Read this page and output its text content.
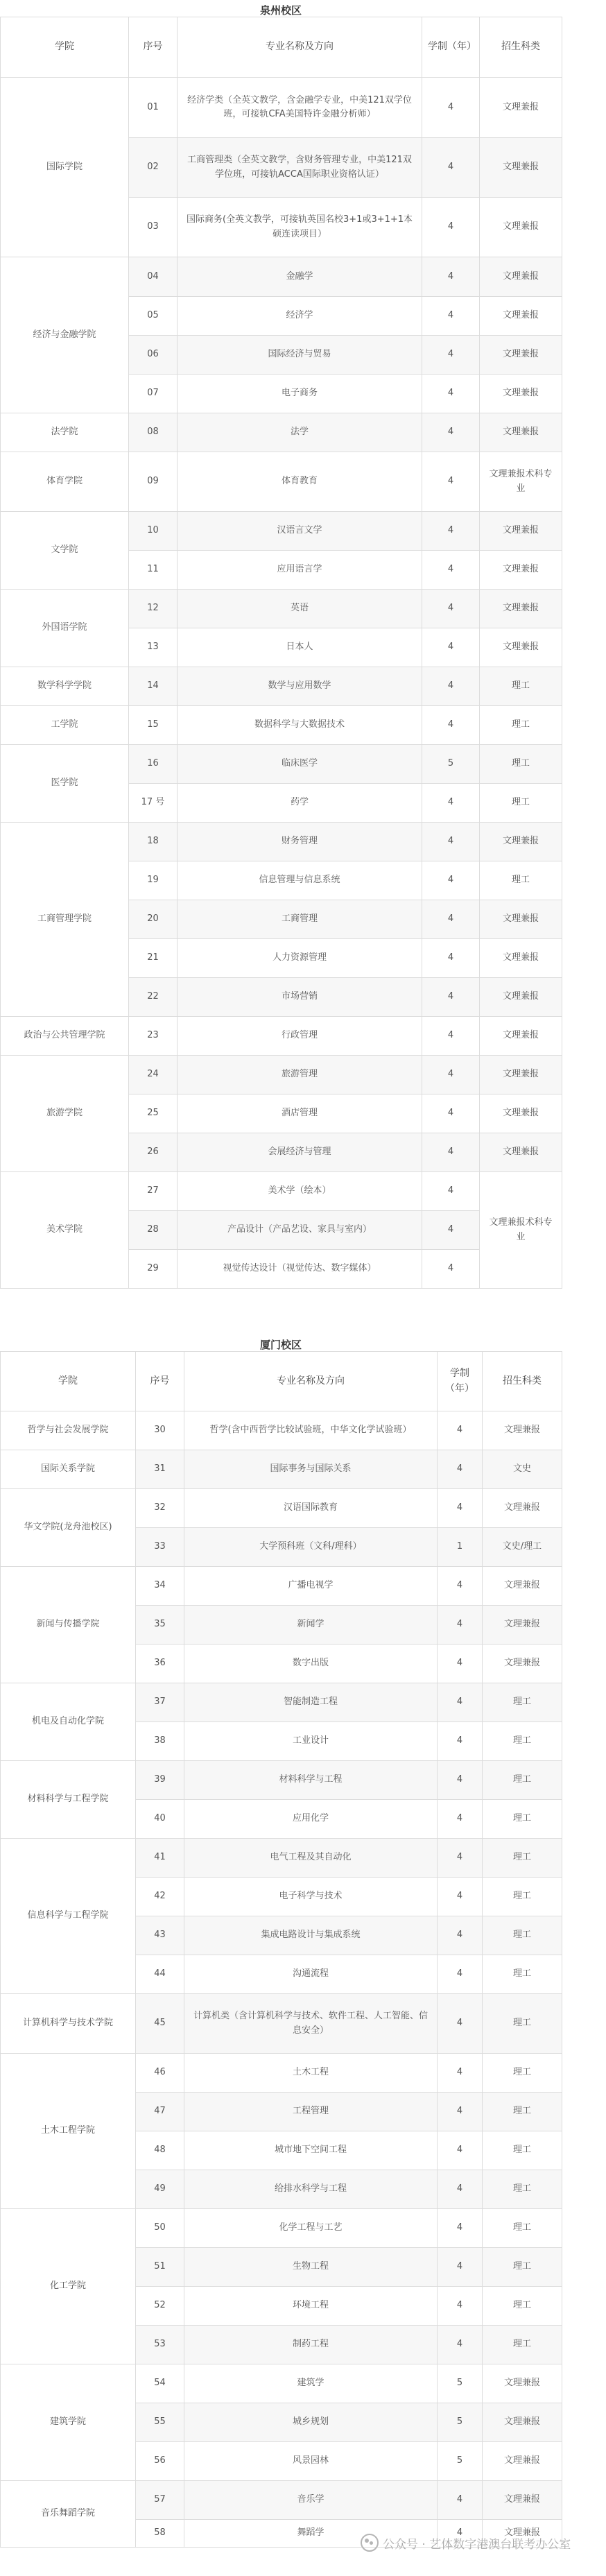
泉州校区
学院	序号	专业名称及方向	学制（年）	招生科类
国际学院	01	经济学类（全英文教学，含金融学专业，中美121双学位班，可接轨CFA美国特许金融分析师）	4	文理兼报
	02	工商管理类（全英文教学，含财务管理专业，中美121双学位班，可接轨ACCA国际职业资格认证）	4	文理兼报
	03	国际商务(全英文教学，可接轨英国名校3+1或3+1+1本硕连读项目）	4	文理兼报
经济与金融学院	04	金融学	4	文理兼报
	05	经济学	4	文理兼报
	06	国际经济与贸易	4	文理兼报
	07	电子商务	4	文理兼报
法学院	08	法学	4	文理兼报
体育学院	09	体育教育	4	文理兼报术科专业
文学院	10	汉语言文学	4	文理兼报
	11	应用语言学	4	文理兼报
外国语学院	12	英语	4	文理兼报
	13	日本人	4	文理兼报
数学科学学院	14	数学与应用数学	4	理工
工学院	15	数据科学与大数据技术	4	理工
医学院	16	临床医学	5	理工
	17 号	药学	4	理工
工商管理学院	18	财务管理	4	文理兼报
	19	信息管理与信息系统	4	理工
	20	工商管理	4	文理兼报
	21	人力资源管理	4	文理兼报
	22	市场营销	4	文理兼报
政治与公共管理学院	23	行政管理	4	文理兼报
旅游学院	24	旅游管理	4	文理兼报
	25	酒店管理	4	文理兼报
	26	会展经济与管理	4	文理兼报
美术学院	27	美术学（绘本）	4	文理兼报术科专业
	28	产品设计（产品艺设、家具与室内）	4	
	29	视觉传达设计（视觉传达、数字媒体）	4	
厦门校区
学院	序号	专业名称及方向	学制（年）	招生科类
哲学与社会发展学院	30	哲学(含中西哲学比较试验班，中华文化学试验班）	4	文理兼报
国际关系学院	31	国际事务与国际关系	4	文史
华文学院(龙舟池校区)	32	汉语国际教育	4	文理兼报
	33	大学预科班（文科/理科）	1	文史/理工
新闻与传播学院	34	广播电视学	4	文理兼报
	35	新闻学	4	文理兼报
	36	数字出版	4	文理兼报
机电及自动化学院	37	智能制造工程	4	理工
	38	工业设计	4	理工
材料科学与工程学院	39	材料科学与工程	4	理工
	40	应用化学	4	理工
信息科学与工程学院	41	电气工程及其自动化	4	理工
	42	电子科学与技术	4	理工
	43	集成电路设计与集成系统	4	理工
	44	沟通流程	4	理工
计算机科学与技术学院	45	计算机类（含计算机科学与技术、软件工程、人工智能、信息安全）	4	理工
土木工程学院	46	土木工程	4	理工
	47	工程管理	4	理工
	48	城市地下空间工程	4	理工
	49	给排水科学与工程	4	理工
化工学院	50	化学工程与工艺	4	理工
	51	生物工程	4	理工
	52	环境工程	4	理工
	53	制药工程	4	理工
建筑学院	54	建筑学	5	文理兼报
	55	城乡规划	5	文理兼报
	56	风景园林	5	文理兼报
音乐舞蹈学院	57	音乐学	4	文理兼报
	58	舞蹈学	4	文理兼报
公众号 · 艺体数字港澳台联考办公室
